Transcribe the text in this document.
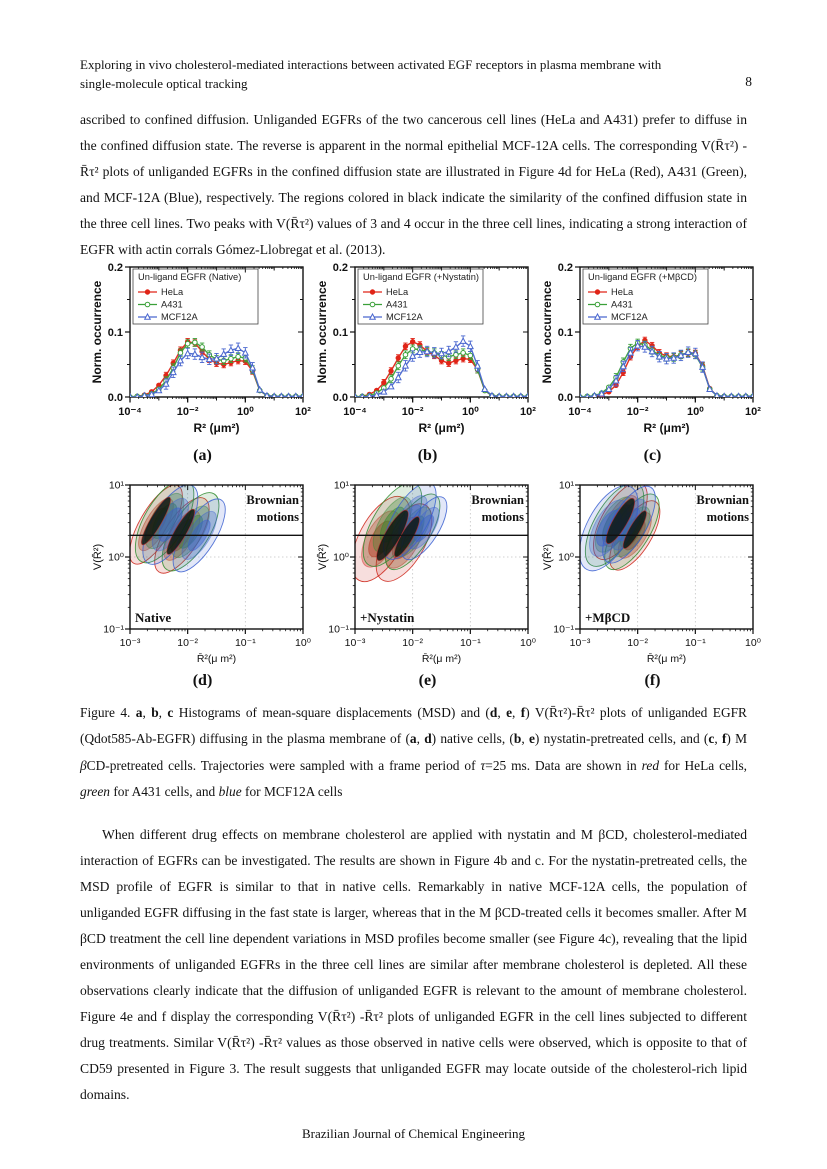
Exploring in vivo cholesterol-mediated interactions between activated EGF receptors in plasma membrane with
single-molecule optical tracking	8
ascribed to confined diffusion. Unliganded EGFRs of the two cancerous cell lines (HeLa and A431) prefer to diffuse in the confined diffusion state. The reverse is apparent in the normal epithelial MCF-12A cells. The corresponding V(R̄τ²) -R̄τ² plots of unliganded EGFRs in the confined diffusion state are illustrated in Figure 4d for HeLa (Red), A431 (Green), and MCF-12A (Blue), respectively. The regions colored in black indicate the similarity of the confined diffusion state in the three cell lines. Two peaks with V(R̄τ²) values of 3 and 4 occur in the three cell lines, indicating a strong interaction of EGFR with actin corrals Gómez-Llobregat et al. (2013).
0.0
0.1
0.2
10⁻⁴	10⁻²	10⁰	10²
R² (μm²)
Norm. occurrence
Un-ligand EGFR (Native)
HeLa
A431
MCF12A
0.0
0.1
0.2
10⁻⁴	10⁻²	10⁰	10²
R² (μm²)
Norm. occurrence
Un-ligand EGFR (+Nystatin)
HeLa
A431
MCF12A
0.0
0.1
0.2
10⁻⁴	10⁻²	10⁰	10²
R² (μm²)
Norm. occurrence
Un-ligand EGFR (+MβCD)
HeLa
A431
MCF12A
(a)	(b)	(c)
10⁻³	10⁻²	10⁻¹	10⁰
10⁻¹
10⁰
10¹
R̄²(μ m²)
V(R̄²)
Brownian
motions
Native
10⁻³	10⁻²	10⁻¹	10⁰
10⁻¹
10⁰
10¹
R̄²(μ m²)
V(R̄²)
Brownian
motions
+Nystatin
10⁻³	10⁻²	10⁻¹	10⁰
10⁻¹
10⁰
10¹
R̄²(μ m²)
V(R̄²)
Brownian
motions
+MβCD
(d)	(e)	(f)
Figure 4. a, b, c Histograms of mean-square displacements (MSD) and (d, e, f) V(R̄τ²)-R̄τ² plots of unliganded EGFR (Qdot585-Ab-EGFR) diffusing in the plasma membrane of (a, d) native cells, (b, e) nystatin-pretreated cells, and (c, f) M βCD-pretreated cells. Trajectories were sampled with a frame period of τ=25 ms. Data are shown in red for HeLa cells, green for A431 cells, and blue for MCF12A cells
When different drug effects on membrane cholesterol are applied with nystatin and M βCD, cholesterol-mediated interaction of EGFRs can be investigated. The results are shown in Figure 4b and c. For the nystatin-pretreated cells, the MSD profile of EGFR is similar to that in native cells. Remarkably in native MCF-12A cells, the population of unliganded EGFR diffusing in the fast state is larger, whereas that in the M βCD-treated cells it becomes smaller. After M βCD treatment the cell line dependent variations in MSD profiles become smaller (see Figure 4c), revealing that the lipid environments of unliganded EGFRs in the three cell lines are similar after membrane cholesterol is depleted. All these observations clearly indicate that the diffusion of unliganded EGFR is relevant to the amount of membrane cholesterol. Figure 4e and f display the corresponding V(R̄τ²) -R̄τ² plots of unliganded EGFR in the cell lines subjected to different drug treatments. Similar V(R̄τ²) -R̄τ² values as those observed in native cells were observed, which is opposite to that of CD59 presented in Figure 3. The result suggests that unliganded EGFR may locate outside of the cholesterol-rich lipid domains.
Brazilian Journal of Chemical Engineering
